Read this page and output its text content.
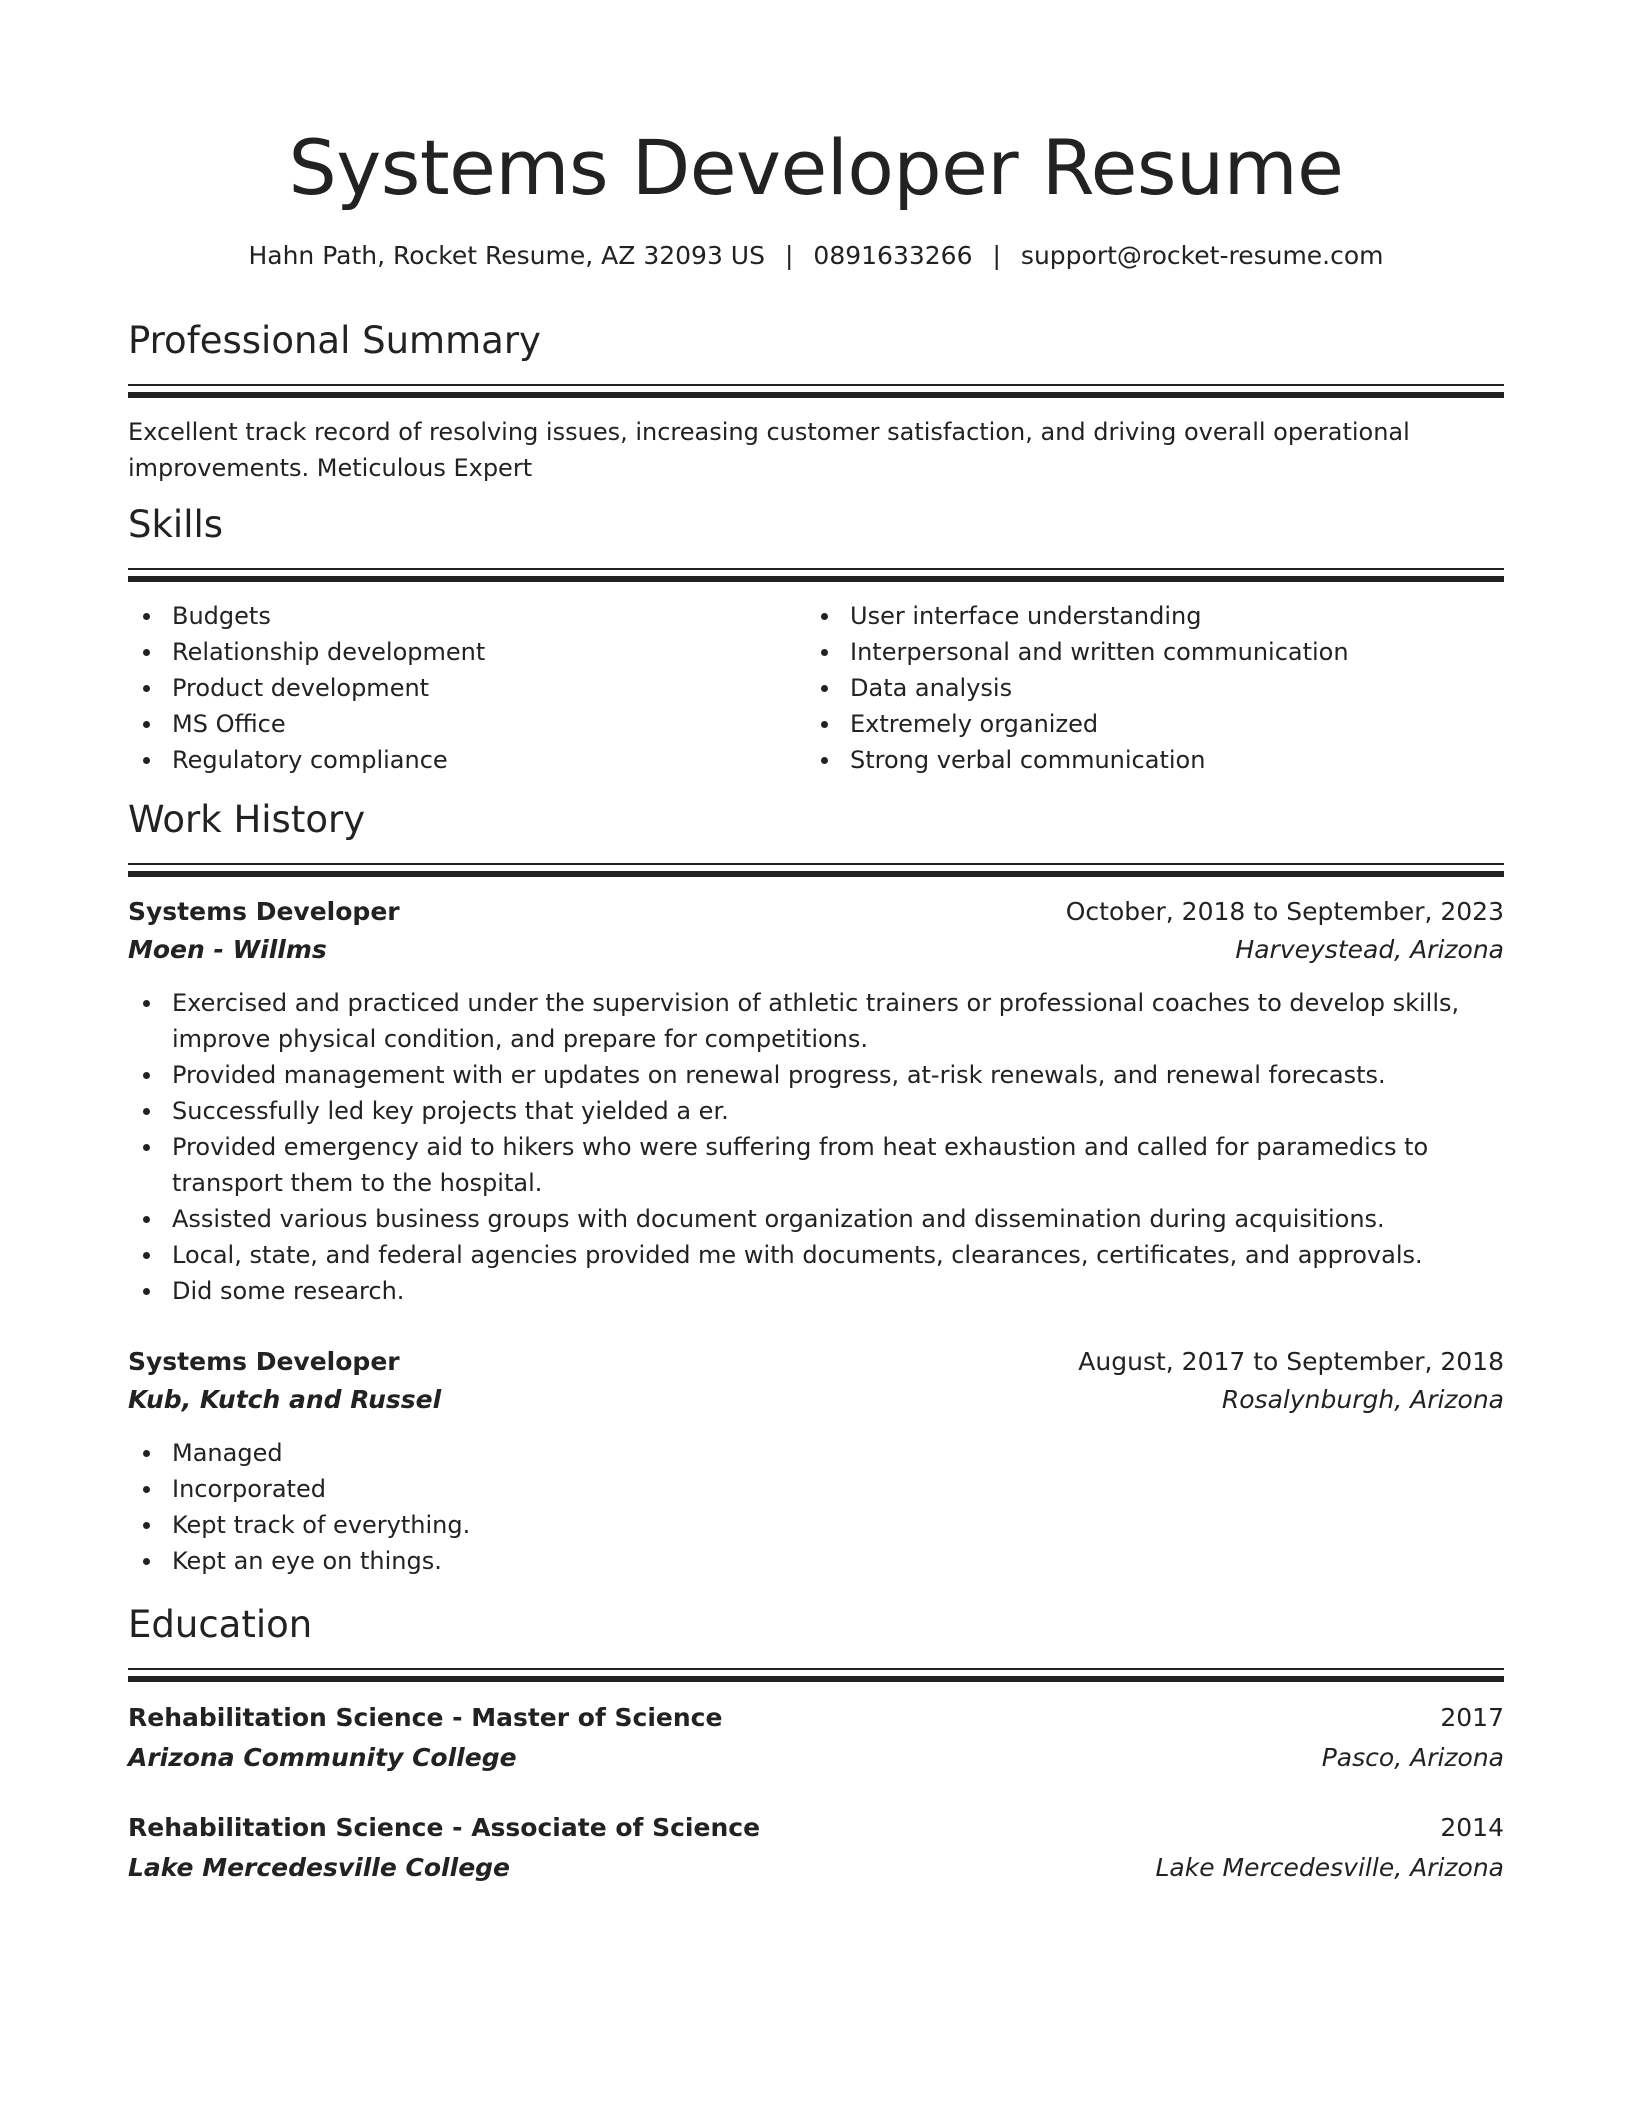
Systems Developer Resume
Hahn Path, Rocket Resume, AZ 32093 US | 0891633266 | support@rocket-resume.com
Professional Summary
Excellent track record of resolving issues, increasing customer satisfaction, and driving overall operational improvements. Meticulous Expert
Skills
Budgets
Relationship development
Product development
MS Office
Regulatory compliance
User interface understanding
Interpersonal and written communication
Data analysis
Extremely organized
Strong verbal communication
Work History
Systems Developer	October, 2018 to September, 2023
Moen - Willms	Harveystead, Arizona
Exercised and practiced under the supervision of athletic trainers or professional coaches to develop skills, improve physical condition, and prepare for competitions.
Provided management with er updates on renewal progress, at-risk renewals, and renewal forecasts.
Successfully led key projects that yielded a er.
Provided emergency aid to hikers who were suffering from heat exhaustion and called for paramedics to transport them to the hospital.
Assisted various business groups with document organization and dissemination during acquisitions.
Local, state, and federal agencies provided me with documents, clearances, certificates, and approvals.
Did some research.
Systems Developer	August, 2017 to September, 2018
Kub, Kutch and Russel	Rosalynburgh, Arizona
Managed
Incorporated
Kept track of everything.
Kept an eye on things.
Education
Rehabilitation Science - Master of Science	2017
Arizona Community College	Pasco, Arizona
Rehabilitation Science - Associate of Science	2014
Lake Mercedesville College	Lake Mercedesville, Arizona
